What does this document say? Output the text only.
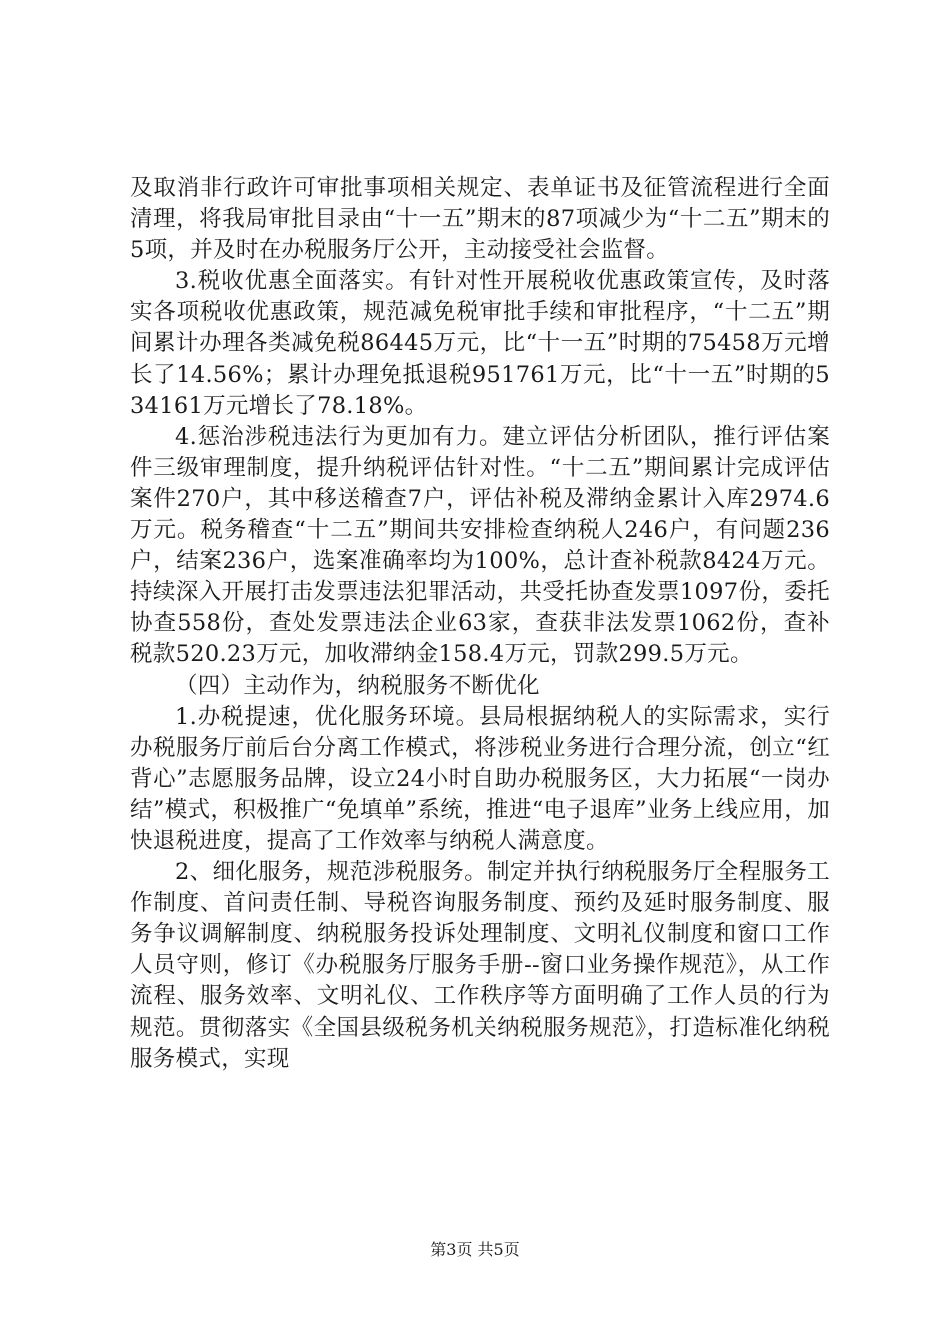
及取消非行政许可审批事项相关规定、表单证书及征管流程进行全面清理，将我局审批目录由“十一五”期末的87项减少为“十二五”期末的5项，并及时在办税服务厅公开，主动接受社会监督。

3.税收优惠全面落实。有针对性开展税收优惠政策宣传，及时落实各项税收优惠政策，规范减免税审批手续和审批程序，“十二五”期间累计办理各类减免税86445万元，比“十一五”时期的75458万元增长了14.56%；累计办理免抵退税951761万元，比“十一五”时期的534161万元增长了78.18%。

4.惩治涉税违法行为更加有力。建立评估分析团队，推行评估案件三级审理制度，提升纳税评估针对性。“十二五”期间累计完成评估案件270户，其中移送稽查7户，评估补税及滞纳金累计入库2974.6万元。税务稽查“十二五”期间共安排检查纳税人246户，有问题236户，结案236户，选案准确率均为100%，总计查补税款8424万元。持续深入开展打击发票违法犯罪活动，共受托协查发票1097份，委托协查558份，查处发票违法企业63家，查获非法发票1062份，查补税款520.23万元，加收滞纳金158.4万元，罚款299.5万元。

（四）主动作为，纳税服务不断优化

1.办税提速，优化服务环境。县局根据纳税人的实际需求，实行办税服务厅前后台分离工作模式，将涉税业务进行合理分流，创立“红背心”志愿服务品牌，设立24小时自助办税服务区，大力拓展“一岗办结”模式，积极推广“免填单”系统，推进“电子退库”业务上线应用，加快退税进度，提高了工作效率与纳税人满意度。

2、细化服务，规范涉税服务。制定并执行纳税服务厅全程服务工作制度、首问责任制、导税咨询服务制度、预约及延时服务制度、服务争议调解制度、纳税服务投诉处理制度、文明礼仪制度和窗口工作人员守则，修订《办税服务厅服务手册--窗口业务操作规范》，从工作流程、服务效率、文明礼仪、工作秩序等方面明确了工作人员的行为规范。贯彻落实《全国县级税务机关纳税服务规范》，打造标准化纳税服务模式，实现

第3页 共5页
